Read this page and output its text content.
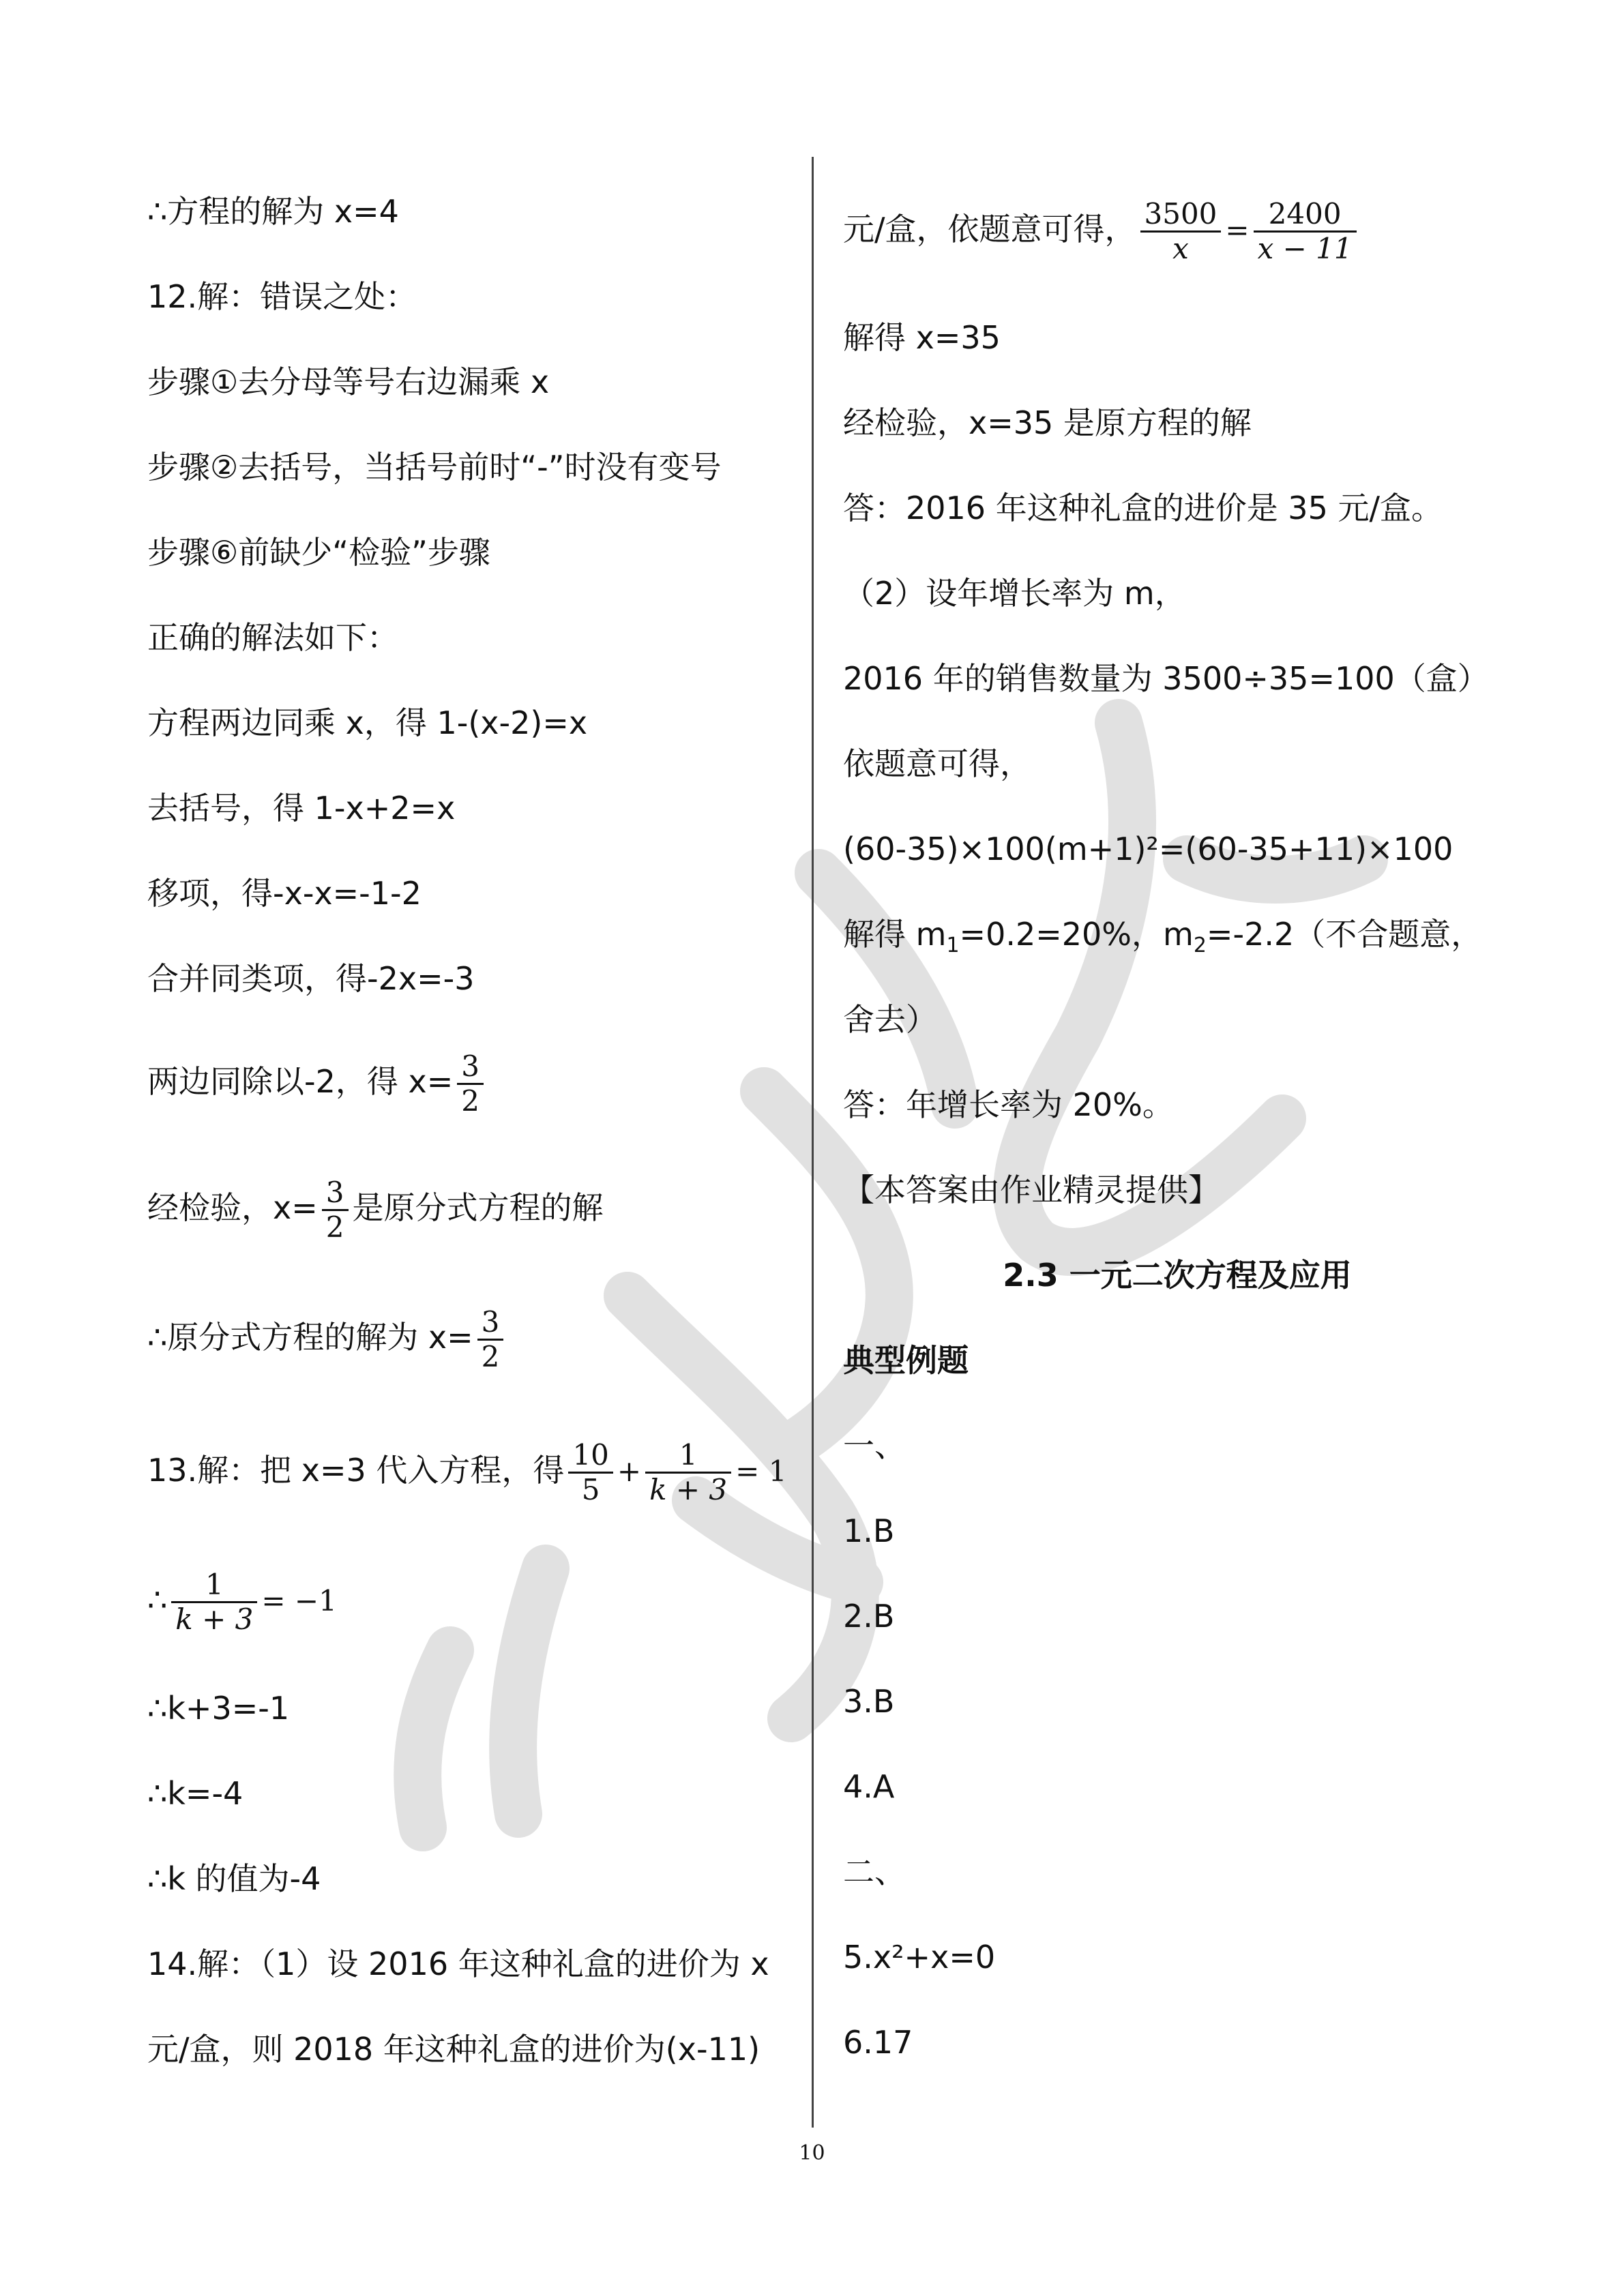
∴方程的解为 x=4
12.解：错误之处：
步骤①去分母等号右边漏乘 x
步骤②去括号，当括号前时“-”时没有变号
步骤⑥前缺少“检验”步骤
正确的解法如下：
方程两边同乘 x，得 1-(x-2)=x
去括号，得 1-x+2=x
移项，得-x-x=-1-2
合并同类项，得-2x=-3
两边同除以-2，得 $x= \frac{3}{2}$
经检验，$x= \frac{3}{2}$ 是原分式方程的解
∴原分式方程的解为 $x= \frac{3}{2}$
13.解：把 x=3 代入方程，得 $\frac{10}{5} + \frac{1}{k + 3} = 1$
∴ $\frac{1}{k + 3} = -1$
∴k+3=-1
∴k=-4
∴k 的值为-4
14.解：（1）设 2016 年这种礼盒的进价为 x
元/盒，则 2018 年这种礼盒的进价为(x-11)
元/盒，依题意可得， $\frac{3500}{x} = \frac{2400}{x - 11}$
解得 x=35
经检验，x=35 是原方程的解
答：2016 年这种礼盒的进价是 35 元/盒。
（2）设年增长率为 m，
2016 年的销售数量为 3500÷35=100（盒）
依题意可得，
(60-35)×100(m+1)²=(60-35+11)×100
解得 $m_1=0.2=20\%$，$m_2=-2.2$（不合题意，
舍去）
答：年增长率为 20%。
【本答案由作业精灵提供】
2.3 一元二次方程及应用
典型例题
一、
1.B
2.B
3.B
4.A
二、
5.x²+x=0
6.17
10
